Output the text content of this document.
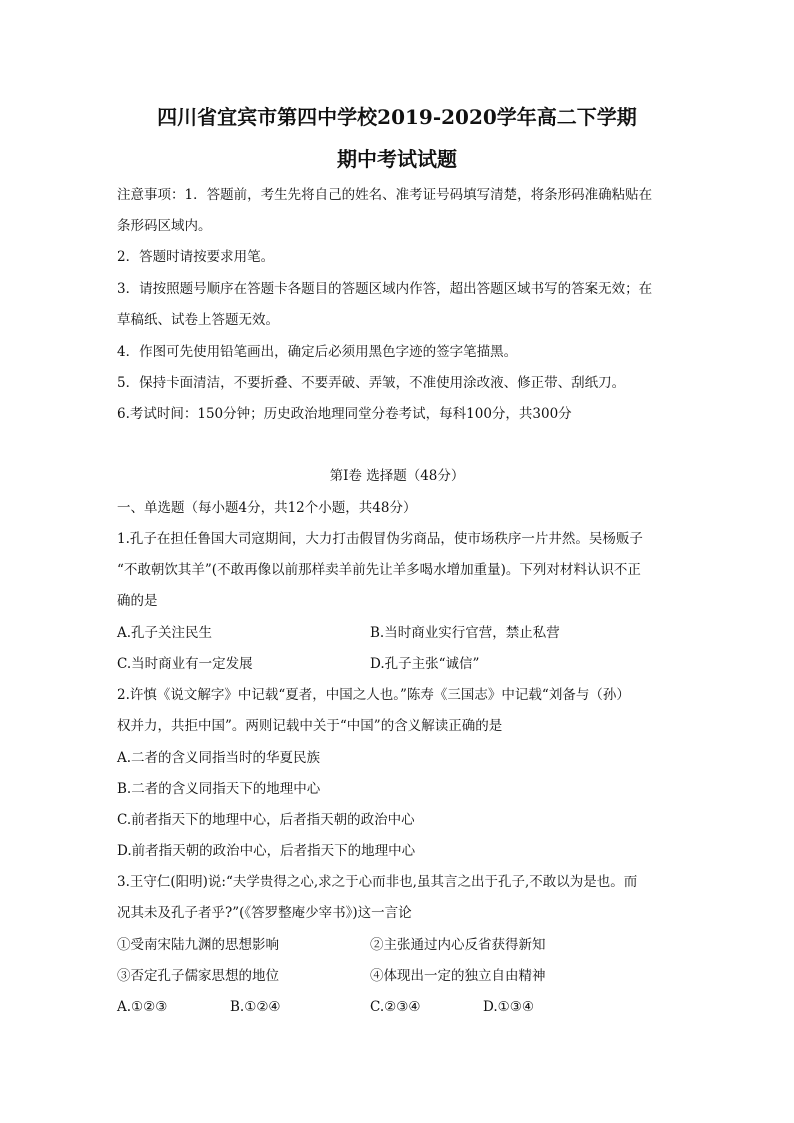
四川省宜宾市第四中学校2019-2020学年高二下学期
期中考试试题
注意事项：1．答题前，考生先将自己的姓名、准考证号码填写清楚，将条形码准确粘贴在
条形码区域内。
2．答题时请按要求用笔。
3．请按照题号顺序在答题卡各题目的答题区域内作答，超出答题区域书写的答案无效；在
草稿纸、试卷上答题无效。
4．作图可先使用铅笔画出，确定后必须用黑色字迹的签字笔描黑。
5．保持卡面清洁，不要折叠、不要弄破、弄皱，不准使用涂改液、修正带、刮纸刀。
6.考试时间：150分钟；历史政治地理同堂分卷考试，每科100分，共300分
第Ⅰ卷 选择题（48分）
一、单选题（每小题4分，共12个小题，共48分）
1.孔子在担任鲁国大司寇期间，大力打击假冒伪劣商品，使市场秩序一片井然。吴杨贩子
“不敢朝饮其羊”(不敢再像以前那样卖羊前先让羊多喝水增加重量)。下列对材料认识不正
确的是
A.孔子关注民生	B.当时商业实行官营，禁止私营
C.当时商业有一定发展	D.孔子主张“诚信”
2.许慎《说文解字》中记载“夏者，中国之人也。”陈寿《三国志》中记载“刘备与（孙）
权并力，共拒中国”。两则记载中关于“中国”的含义解读正确的是
A.二者的含义同指当时的华夏民族
B.二者的含义同指天下的地理中心
C.前者指天下的地理中心，后者指天朝的政治中心
D.前者指天朝的政治中心，后者指天下的地理中心
3.王守仁(阳明)说:“夫学贵得之心,求之于心而非也,虽其言之出于孔子,不敢以为是也。而
况其未及孔子者乎?”(《答罗整庵少宰书》)这一言论
①受南宋陆九渊的思想影响	②主张通过内心反省获得新知
③否定孔子儒家思想的地位	④体现出一定的独立自由精神
A.①②③	B.①②④	C.②③④	D.①③④
